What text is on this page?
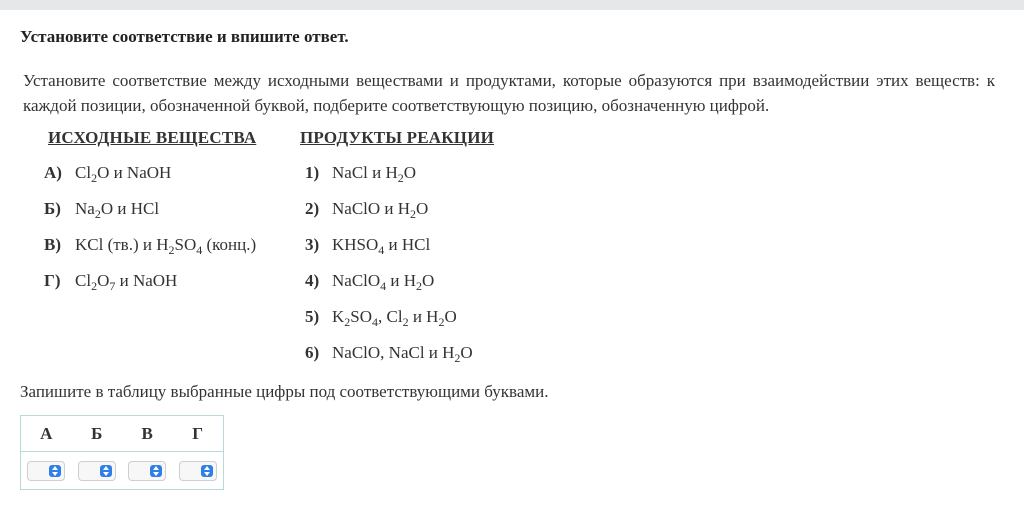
Установите соответствие и впишите ответ.
Установите соответствие между исходными веществами и продуктами, которые образуются при взаимодействии этих веществ: к каждой позиции, обозначенной буквой, подберите соответствующую позицию, обозначенную цифрой.
ИСХОДНЫЕ ВЕЩЕСТВА	ПРОДУКТЫ РЕАКЦИИ
А) $Cl_2O$ и NaOH
Б) $Na_2O$ и HCl
В) KCl (тв.) и $H_2SO_4$ (конц.)
Г) $Cl_2O_7$ и NaOH
1) NaCl и $H_2O$
2) NaClO и $H_2O$
3) $KHSO_4$ и HCl
4) NaClO$_4$ и $H_2O$
5) $K_2SO_4$, $Cl_2$ и $H_2O$
6) NaClO, NaCl и $H_2O$
Запишите в таблицу выбранные цифры под соответствующими буквами.
А	Б	В	Г
